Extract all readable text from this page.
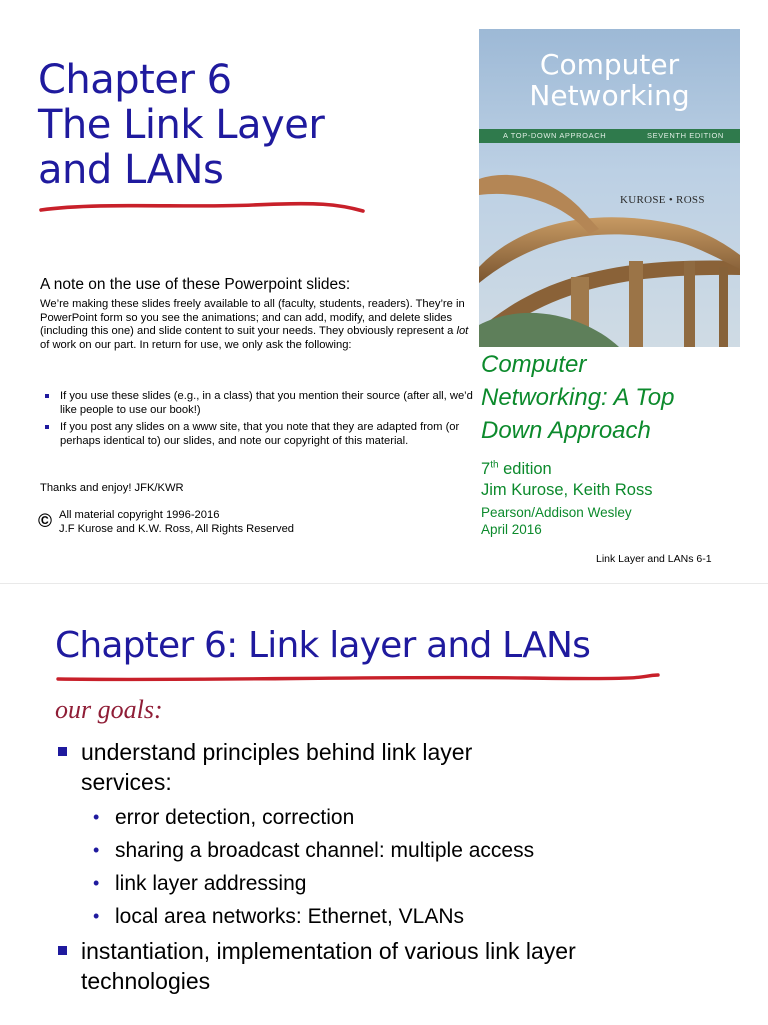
Chapter 6
The Link Layer
and LANs
A note on the use of these Powerpoint slides:
We’re making these slides freely available to all (faculty, students, readers). They’re in PowerPoint form so you see the animations; and can add, modify, and delete slides (including this one) and slide content to suit your needs. They obviously represent a lot of work on our part. In return for use, we only ask the following:
If you use these slides (e.g., in a class) that you mention their source (after all, we’d like people to use our book!)
If you post any slides on a www site, that you note that they are adapted from (or perhaps identical to) our slides, and note our copyright of this material.
Thanks and enjoy! JFK/KWR
© All material copyright 1996-2016
J.F Kurose and K.W. Ross, All Rights Reserved
Computer
Networking
A TOP-DOWN APPROACH	SEVENTH EDITION
KUROSE • ROSS
Computer
Networking: A Top
Down Approach
7th edition
Jim Kurose, Keith Ross
Pearson/Addison Wesley
April 2016
Link Layer and LANs 6-1
Chapter 6: Link layer and LANs
our goals:
understand principles behind link layer services:
• error detection, correction
• sharing a broadcast channel: multiple access
• link layer addressing
• local area networks: Ethernet, VLANs
instantiation, implementation of various link layer technologies
